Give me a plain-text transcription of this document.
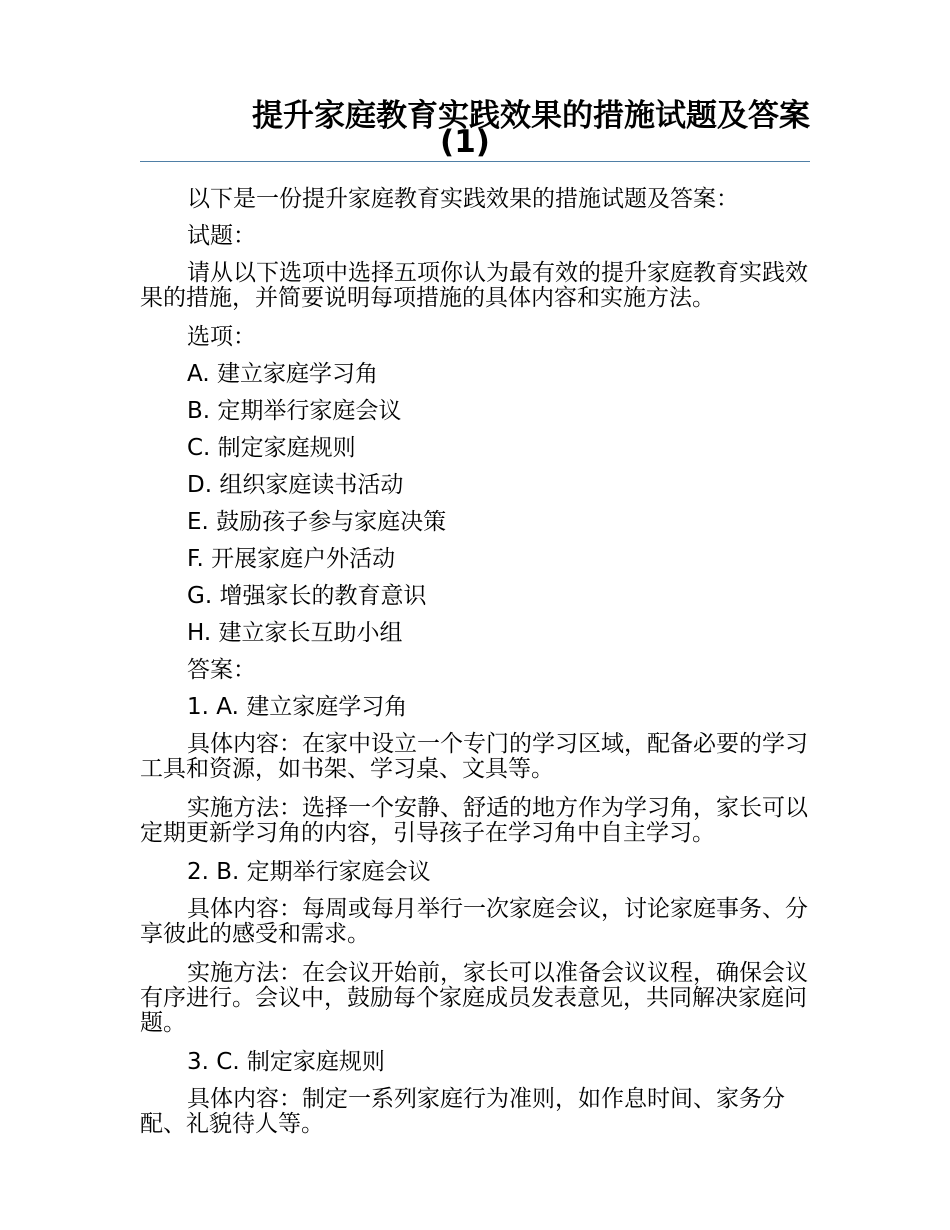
提升家庭教育实践效果的措施试题及答案
(1)

以下是一份提升家庭教育实践效果的措施试题及答案：

试题：

请从以下选项中选择五项你认为最有效的提升家庭教育实践效果的措施，并简要说明每项措施的具体内容和实施方法。

选项：

A. 建立家庭学习角

B. 定期举行家庭会议

C. 制定家庭规则

D. 组织家庭读书活动

E. 鼓励孩子参与家庭决策

F. 开展家庭户外活动

G. 增强家长的教育意识

H. 建立家长互助小组

答案：

1. A. 建立家庭学习角

具体内容：在家中设立一个专门的学习区域，配备必要的学习工具和资源，如书架、学习桌、文具等。

实施方法：选择一个安静、舒适的地方作为学习角，家长可以定期更新学习角的内容，引导孩子在学习角中自主学习。

2. B. 定期举行家庭会议

具体内容：每周或每月举行一次家庭会议，讨论家庭事务、分享彼此的感受和需求。

实施方法：在会议开始前，家长可以准备会议议程，确保会议有序进行。会议中，鼓励每个家庭成员发表意见，共同解决家庭问题。

3. C. 制定家庭规则

具体内容：制定一系列家庭行为准则，如作息时间、家务分配、礼貌待人等。
